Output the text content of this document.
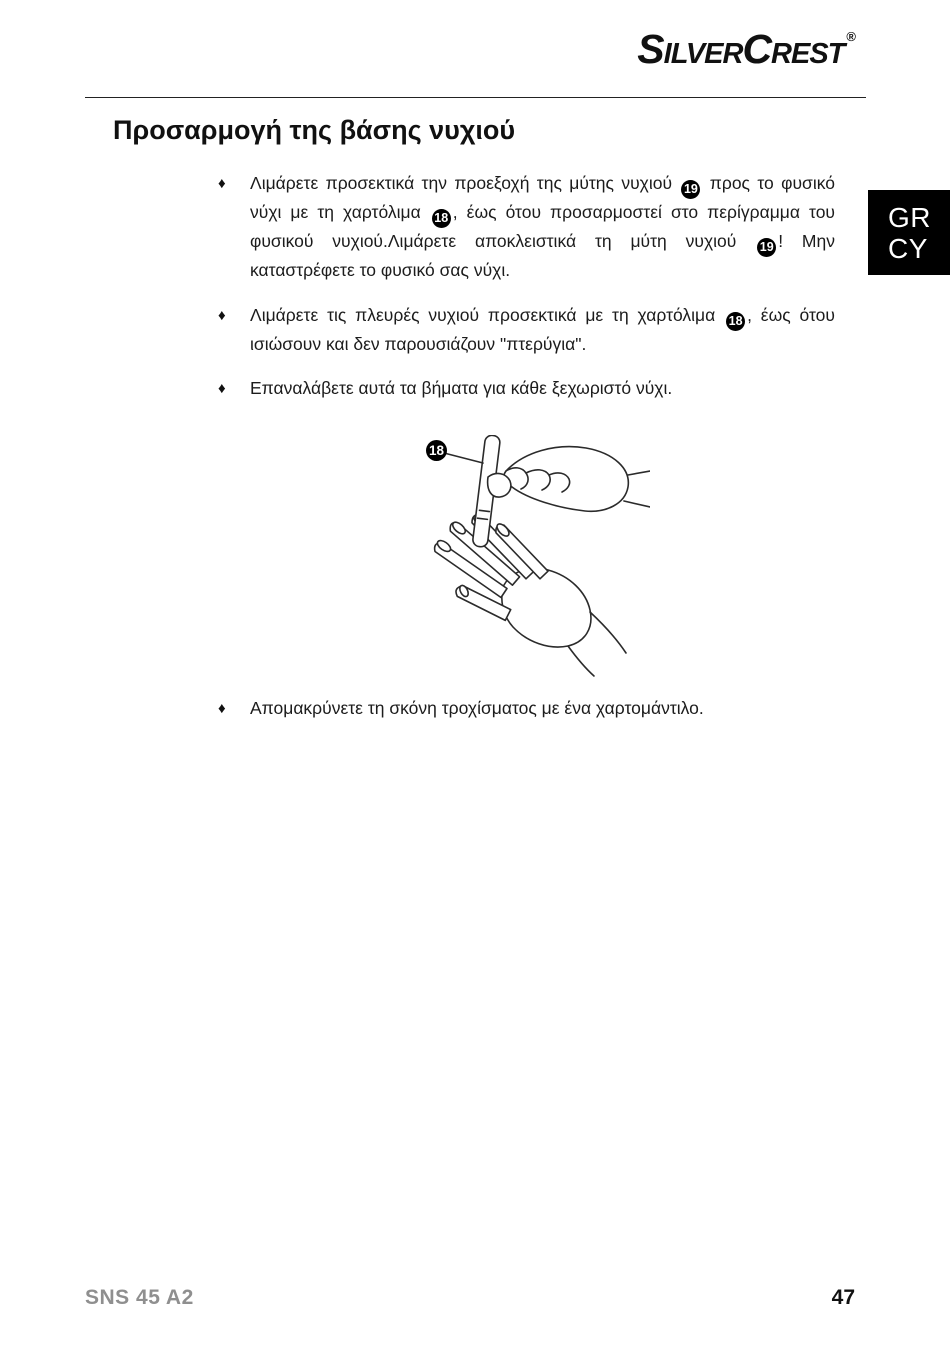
SilverCrest ®
GR
CY
Προσαρμογή της βάσης νυχιού
♦	Λιμάρετε προσεκτικά την προεξοχή της μύτης νυχιού 19 προς το φυσικό νύχι με τη χαρτόλιμα 18 , έως ότου προσαρμοστεί στο περίγραμμα του φυσικού νυχιού.Λιμάρετε αποκλειστικά τη μύτη νυχιού 19 ! Μην καταστρέφετε το φυσικό σας νύχι.
♦	Λιμάρετε τις πλευρές νυχιού προσεκτικά με τη χαρτόλιμα 18 , έως ότου ισιώσουν και δεν παρουσιάζουν "πτερύγια".
♦	Επαναλάβετε αυτά τα βήματα για κάθε ξεχωριστό νύχι.
18
♦	Απομακρύνετε τη σκόνη τροχίσματος με ένα χαρτομάντιλο.
SNS 45 A2	47
